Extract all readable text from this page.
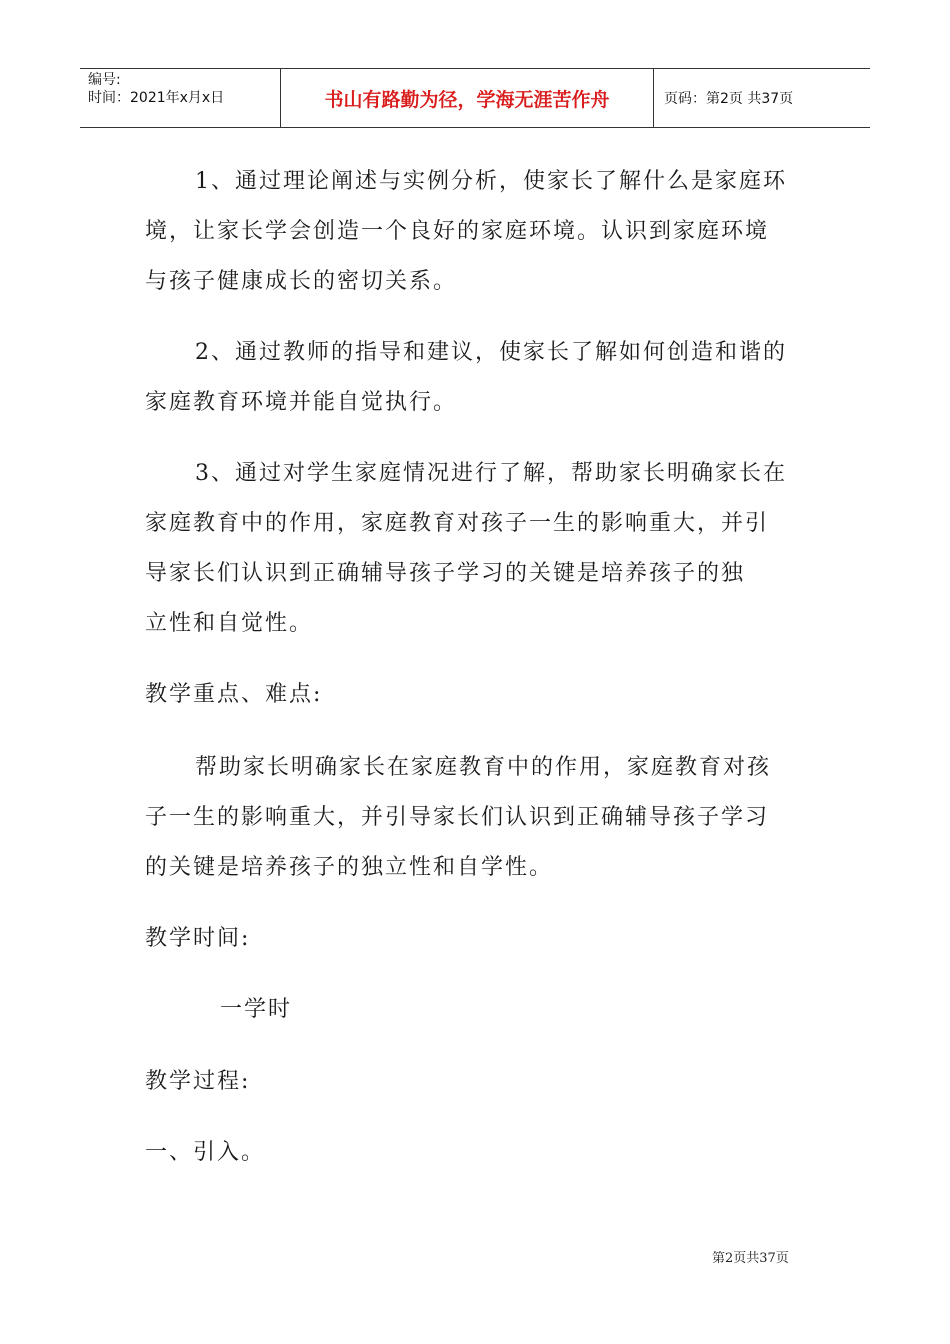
编号:
时间：2021年x月x日	书山有路勤为径，学海无涯苦作舟	页码：第2页 共37页
1、通过理论阐述与实例分析，使家长了解什么是家庭环
境，让家长学会创造一个良好的家庭环境。认识到家庭环境
与孩子健康成长的密切关系。
2、通过教师的指导和建议，使家长了解如何创造和谐的
家庭教育环境并能自觉执行。
3、通过对学生家庭情况进行了解，帮助家长明确家长在
家庭教育中的作用，家庭教育对孩子一生的影响重大，并引
导家长们认识到正确辅导孩子学习的关键是培养孩子的独
立性和自觉性。
教学重点、难点:
帮助家长明确家长在家庭教育中的作用，家庭教育对孩
子一生的影响重大，并引导家长们认识到正确辅导孩子学习
的关键是培养孩子的独立性和自学性。
教学时间:
一学时
教学过程:
一、引入。
第2页共37页
